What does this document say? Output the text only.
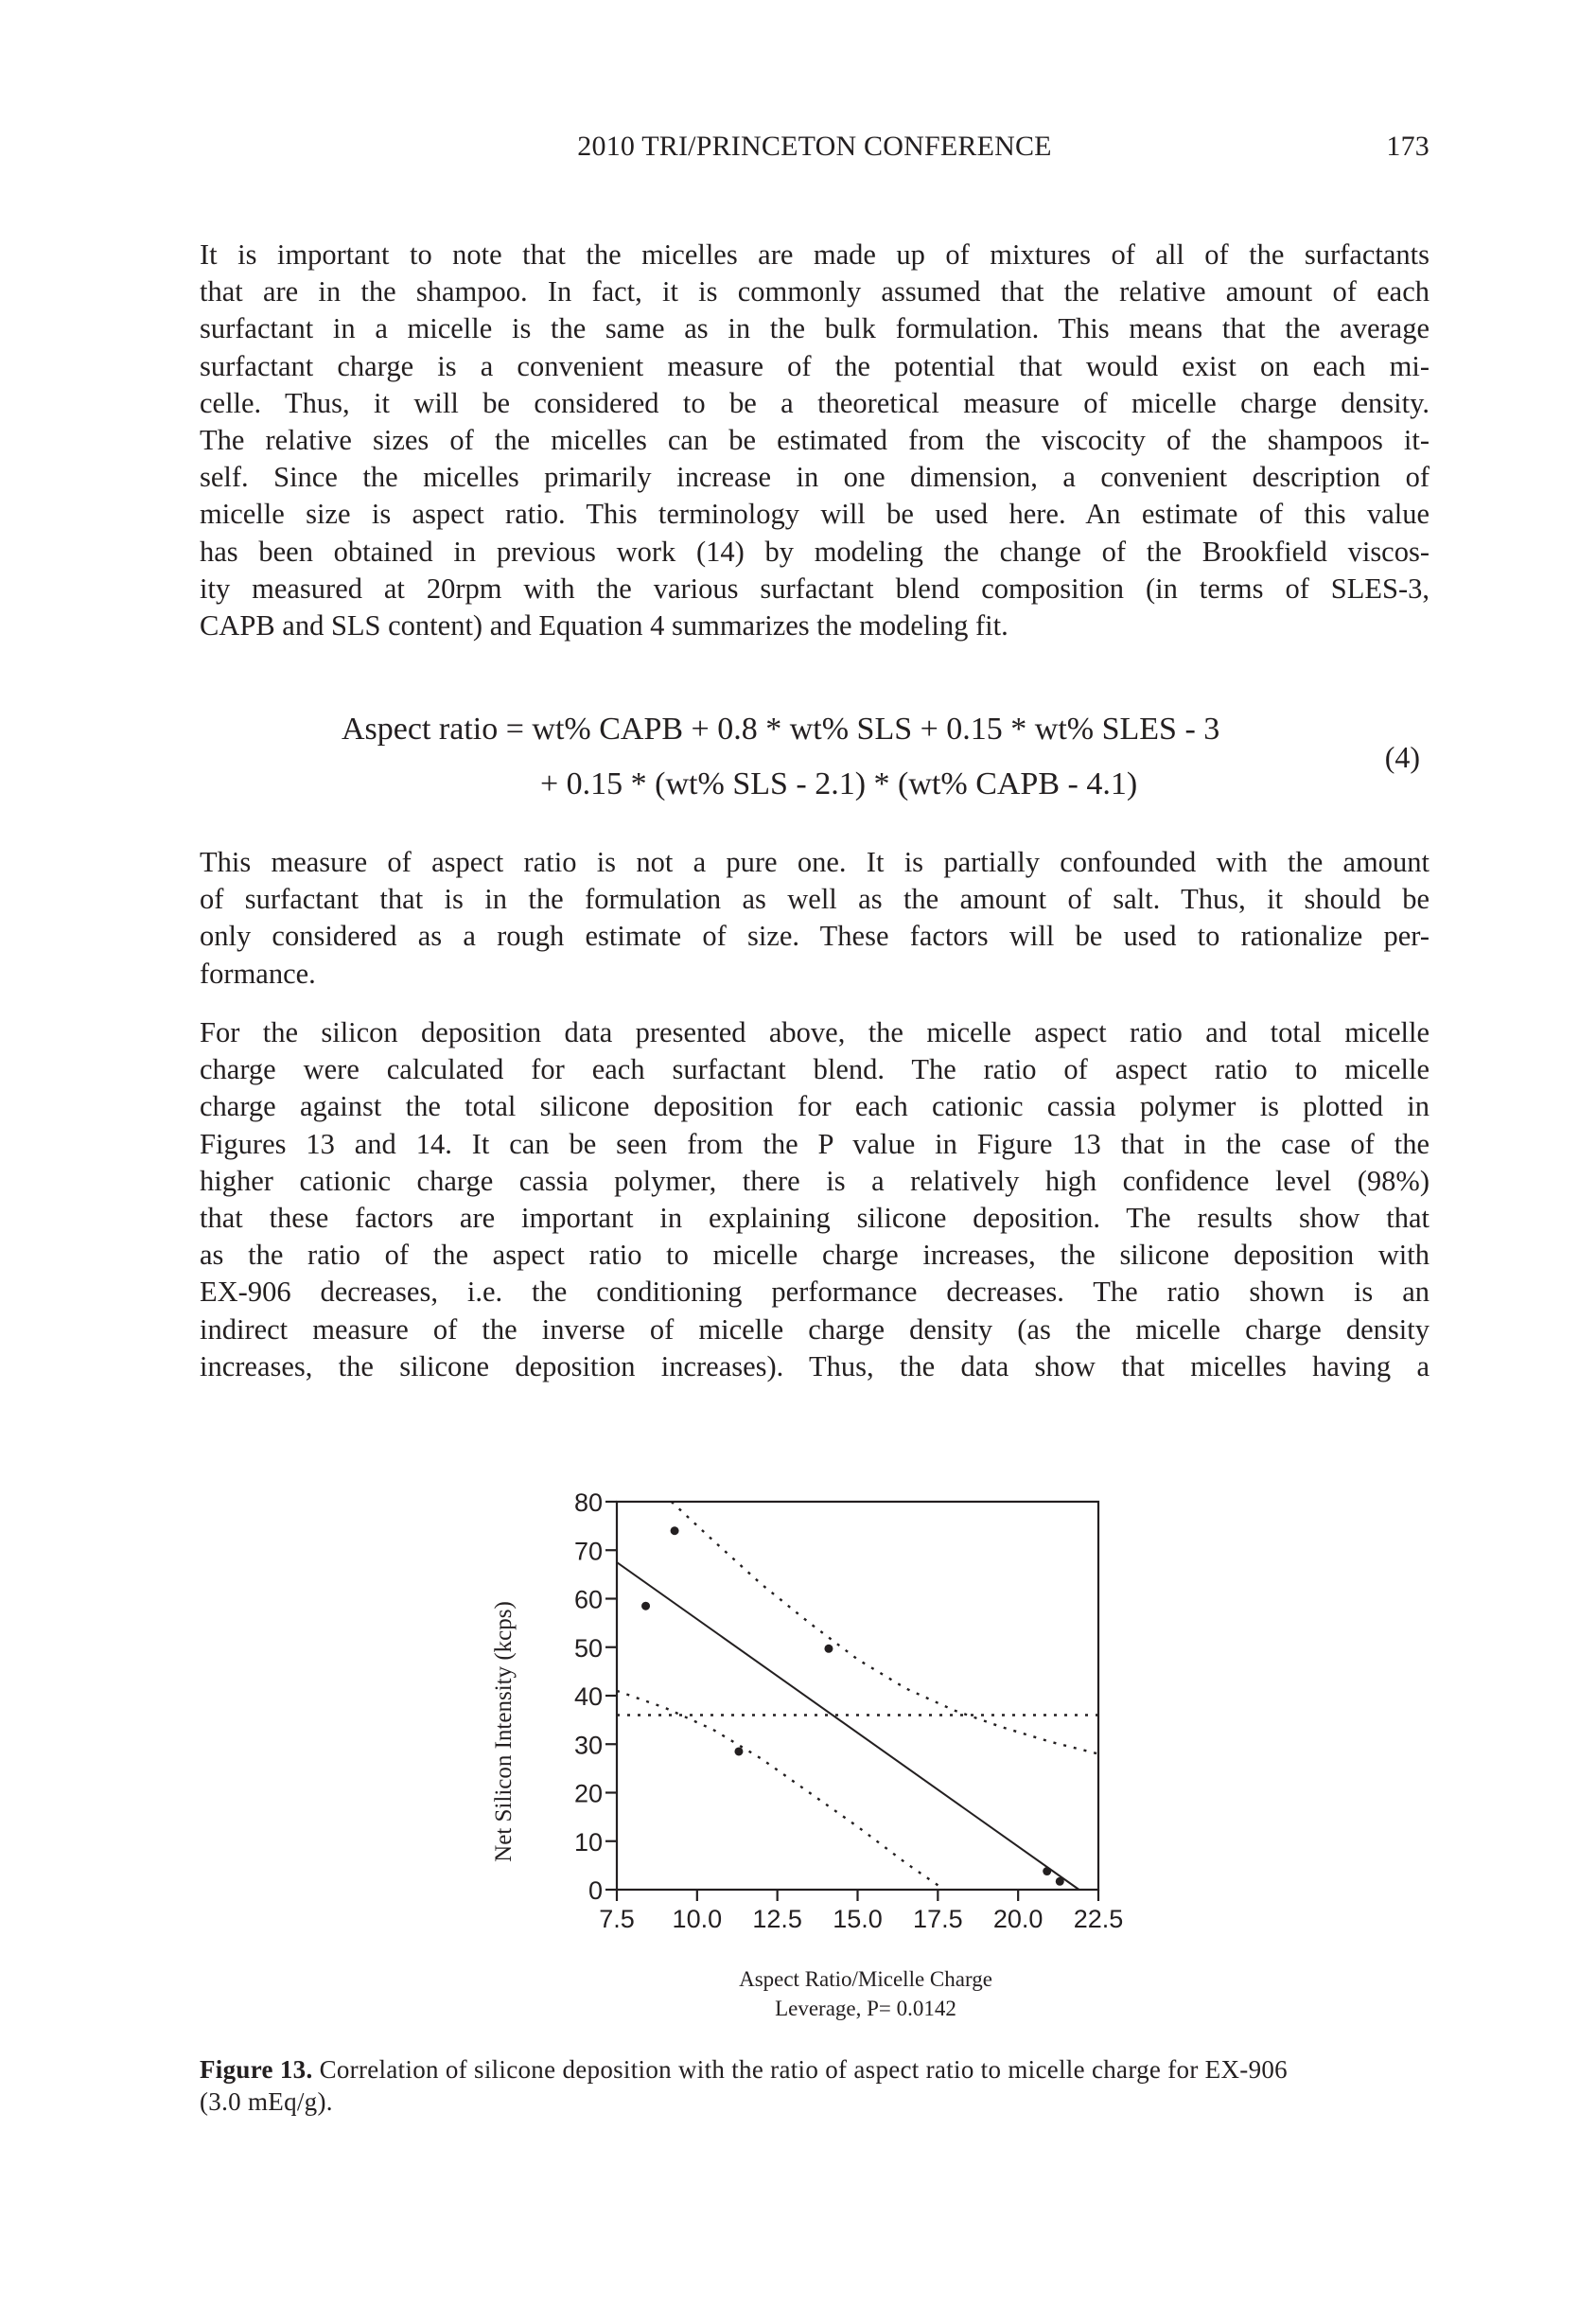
2010 TRI/PRINCETON CONFERENCE	173
It is important to note that the micelles are made up of mixtures of all of the surfactants
that are in the shampoo. In fact, it is commonly assumed that the relative amount of each
surfactant in a micelle is the same as in the bulk formulation. This means that the average
surfactant charge is a convenient measure of the potential that would exist on each mi-
celle. Thus, it will be considered to be a theoretical measure of micelle charge density.
The relative sizes of the micelles can be estimated from the viscocity of the shampoos it-
self. Since the micelles primarily increase in one dimension, a convenient description of
micelle size is aspect ratio. This terminology will be used here. An estimate of this value
has been obtained in previous work (14) by modeling the change of the Brookfield viscos-
ity measured at 20rpm with the various surfactant blend composition (in terms of SLES-3,
CAPB and SLS content) and Equation 4 summarizes the modeling fit.
Aspect ratio = wt% CAPB + 0.8 * wt% SLS + 0.15 * wt% SLES - 3
+ 0.15 * (wt% SLS - 2.1) * (wt% CAPB - 4.1)
(4)
This measure of aspect ratio is not a pure one. It is partially confounded with the amount
of surfactant that is in the formulation as well as the amount of salt. Thus, it should be
only considered as a rough estimate of size. These factors will be used to rationalize per-
formance.
For the silicon deposition data presented above, the micelle aspect ratio and total micelle
charge were calculated for each surfactant blend. The ratio of aspect ratio to micelle
charge against the total silicone deposition for each cationic cassia polymer is plotted in
Figures 13 and 14. It can be seen from the P value in Figure 13 that in the case of the
higher cationic charge cassia polymer, there is a relatively high confidence level (98%)
that these factors are important in explaining silicone deposition. The results show that
as the ratio of the aspect ratio to micelle charge increases, the silicone deposition with
EX-906 decreases, i.e. the conditioning performance decreases. The ratio shown is an
indirect measure of the inverse of micelle charge density (as the micelle charge density
increases, the silicone deposition increases). Thus, the data show that micelles having a
0
10
20
30
40
50
60
70
80
7.5 10.0 12.5 15.0 17.5 20.0 22.5
Net Silicon Intensity (kcps)
Aspect Ratio/Micelle Charge
Leverage, P= 0.0142
Figure 13. Correlation of silicone deposition with the ratio of aspect ratio to micelle charge for EX-906
(3.0 mEq/g).
